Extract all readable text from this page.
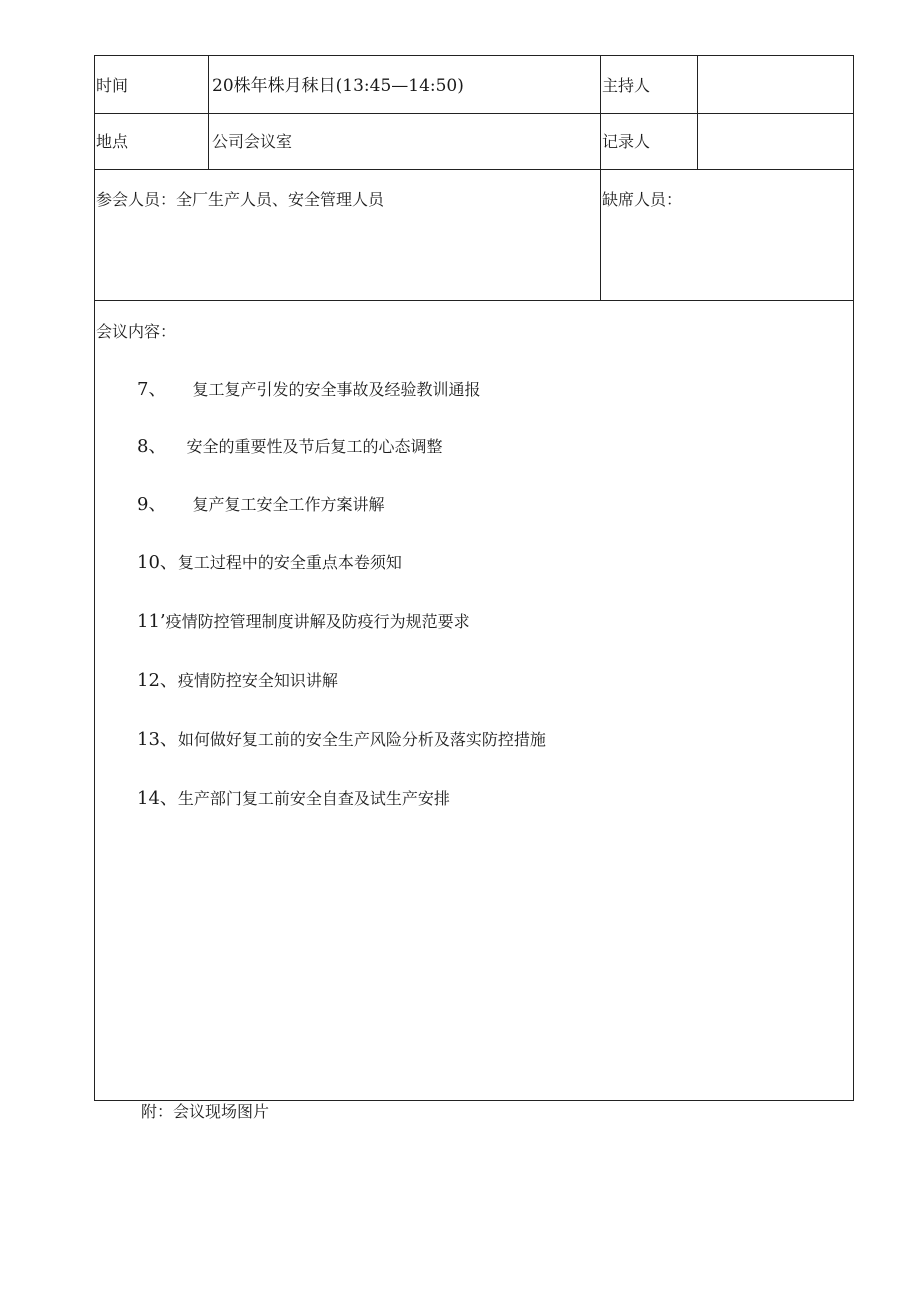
时间	20株年株月秣日(13:45—14:50)	主持人
地点	公司会议室	记录人
参会人员：全厂生产人员、安全管理人员	缺席人员：
会议内容：
7、 复工复产引发的安全事故及经验教训通报
8、 安全的重要性及节后复工的心态调整
9、 复产复工安全工作方案讲解
10、复工过程中的安全重点本卷须知
11’疫情防控管理制度讲解及防疫行为规范要求
12、疫情防控安全知识讲解
13、如何做好复工前的安全生产风险分析及落实防控措施
14、生产部门复工前安全自查及试生产安排
附：会议现场图片
